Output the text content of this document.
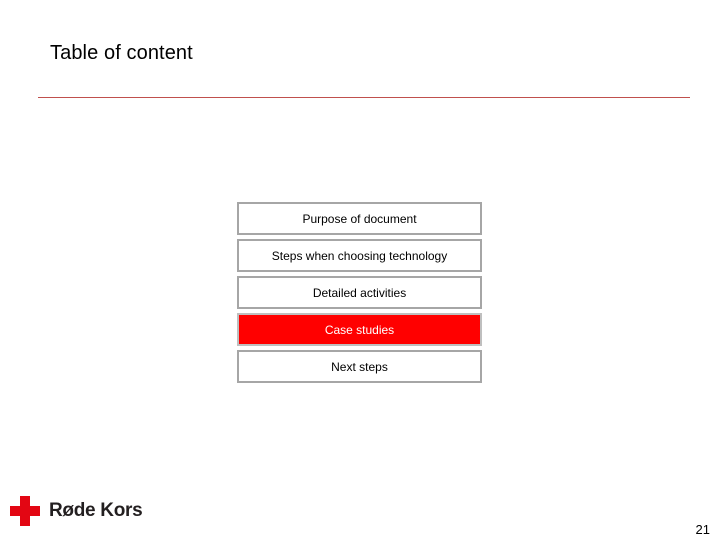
Table of content
Purpose of document
Steps when choosing technology
Detailed activities
Case studies
Next steps
Røde Kors
21
